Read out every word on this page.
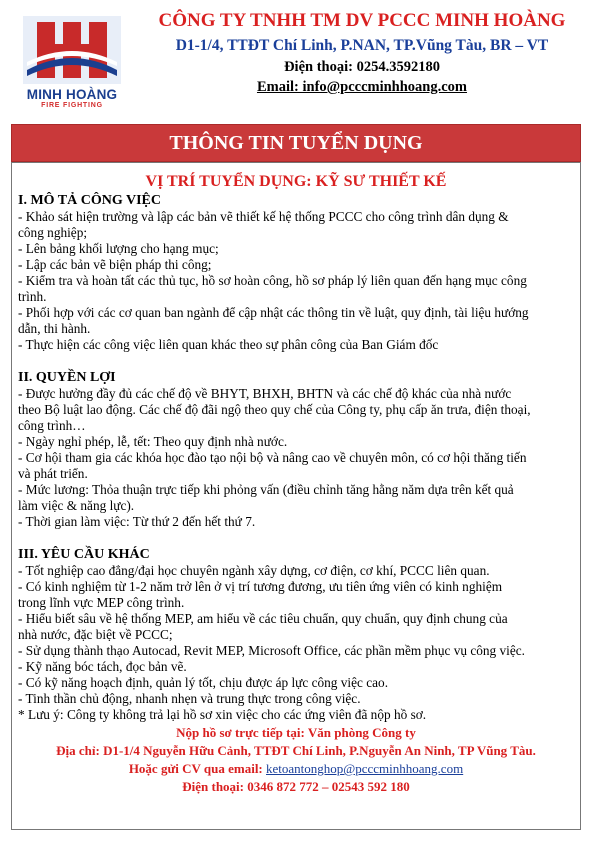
MINH HOÀNG
FIRE FIGHTING
CÔNG TY TNHH TM DV PCCC MINH HOÀNG
D1-1/4, TTĐT Chí Linh, P.NAN, TP.Vũng Tàu, BR – VT
Điện thoại: 0254.3592180
Email: info@pcccminhhoang.com
THÔNG TIN TUYỂN DỤNG
VỊ TRÍ TUYỂN DỤNG: KỸ SƯ THIẾT KẾ

I. MÔ TẢ CÔNG VIỆC

- Khảo sát hiện trường và lập các bản vẽ thiết kế hệ thống PCCC cho công trình dân dụng &

công nghiệp;

- Lên bảng khối lượng cho hạng mục;

- Lập các bản vẽ biện pháp thi công;

- Kiểm tra và hoàn tất các thủ tục, hồ sơ hoàn công, hồ sơ pháp lý liên quan đến hạng mục công

trình.

- Phối hợp với các cơ quan ban ngành để cập nhật các thông tin về luật, quy định, tài liệu hướng

dẫn, thi hành.

- Thực hiện các công việc liên quan khác theo sự phân công của Ban Giám đốc

II. QUYỀN LỢI

- Được hưởng đầy đủ các chế độ về BHYT, BHXH, BHTN và các chế độ khác của nhà nước

theo Bộ luật lao động. Các chế độ đãi ngộ theo quy chế của Công ty, phụ cấp ăn trưa, điện thoại,

công trình…

- Ngày nghỉ phép, lễ, tết: Theo quy định nhà nước.

- Cơ hội tham gia các khóa học đào tạo nội bộ và nâng cao về chuyên môn, có cơ hội thăng tiến

và phát triển.

- Mức lương: Thỏa thuận trực tiếp khi phỏng vấn (điều chỉnh tăng hằng năm dựa trên kết quả

làm việc & năng lực).

- Thời gian làm việc: Từ thứ 2 đến hết thứ 7.

III. YÊU CẦU KHÁC

- Tốt nghiệp cao đẳng/đại học chuyên ngành xây dựng, cơ điện, cơ khí, PCCC liên quan.

- Có kinh nghiệm từ 1-2 năm trở lên ở vị trí tương đương, ưu tiên ứng viên có kinh nghiệm

trong lĩnh vực MEP công trình.

- Hiểu biết sâu về hệ thống MEP, am hiểu về các tiêu chuẩn, quy chuẩn, quy định chung của

nhà nước, đặc biệt về PCCC;

- Sử dụng thành thạo Autocad, Revit MEP, Microsoft Office, các phần mềm phục vụ công việc.

- Kỹ năng bóc tách, đọc bản vẽ.

- Có kỹ năng hoạch định, quản lý tốt, chịu được áp lực công việc cao.

- Tinh thần chủ động, nhanh nhẹn và trung thực trong công việc.

* Lưu ý: Công ty không trả lại hồ sơ xin việc cho các ứng viên đã nộp hồ sơ.

Nộp hồ sơ trực tiếp tại: Văn phòng Công ty
Địa chỉ: D1-1/4 Nguyễn Hữu Cảnh, TTĐT Chí Linh, P.Nguyễn An Ninh, TP Vũng Tàu.
Hoặc gửi CV qua email: ketoantonghop@pcccminhhoang.com
Điện thoại: 0346 872 772 – 02543 592 180
